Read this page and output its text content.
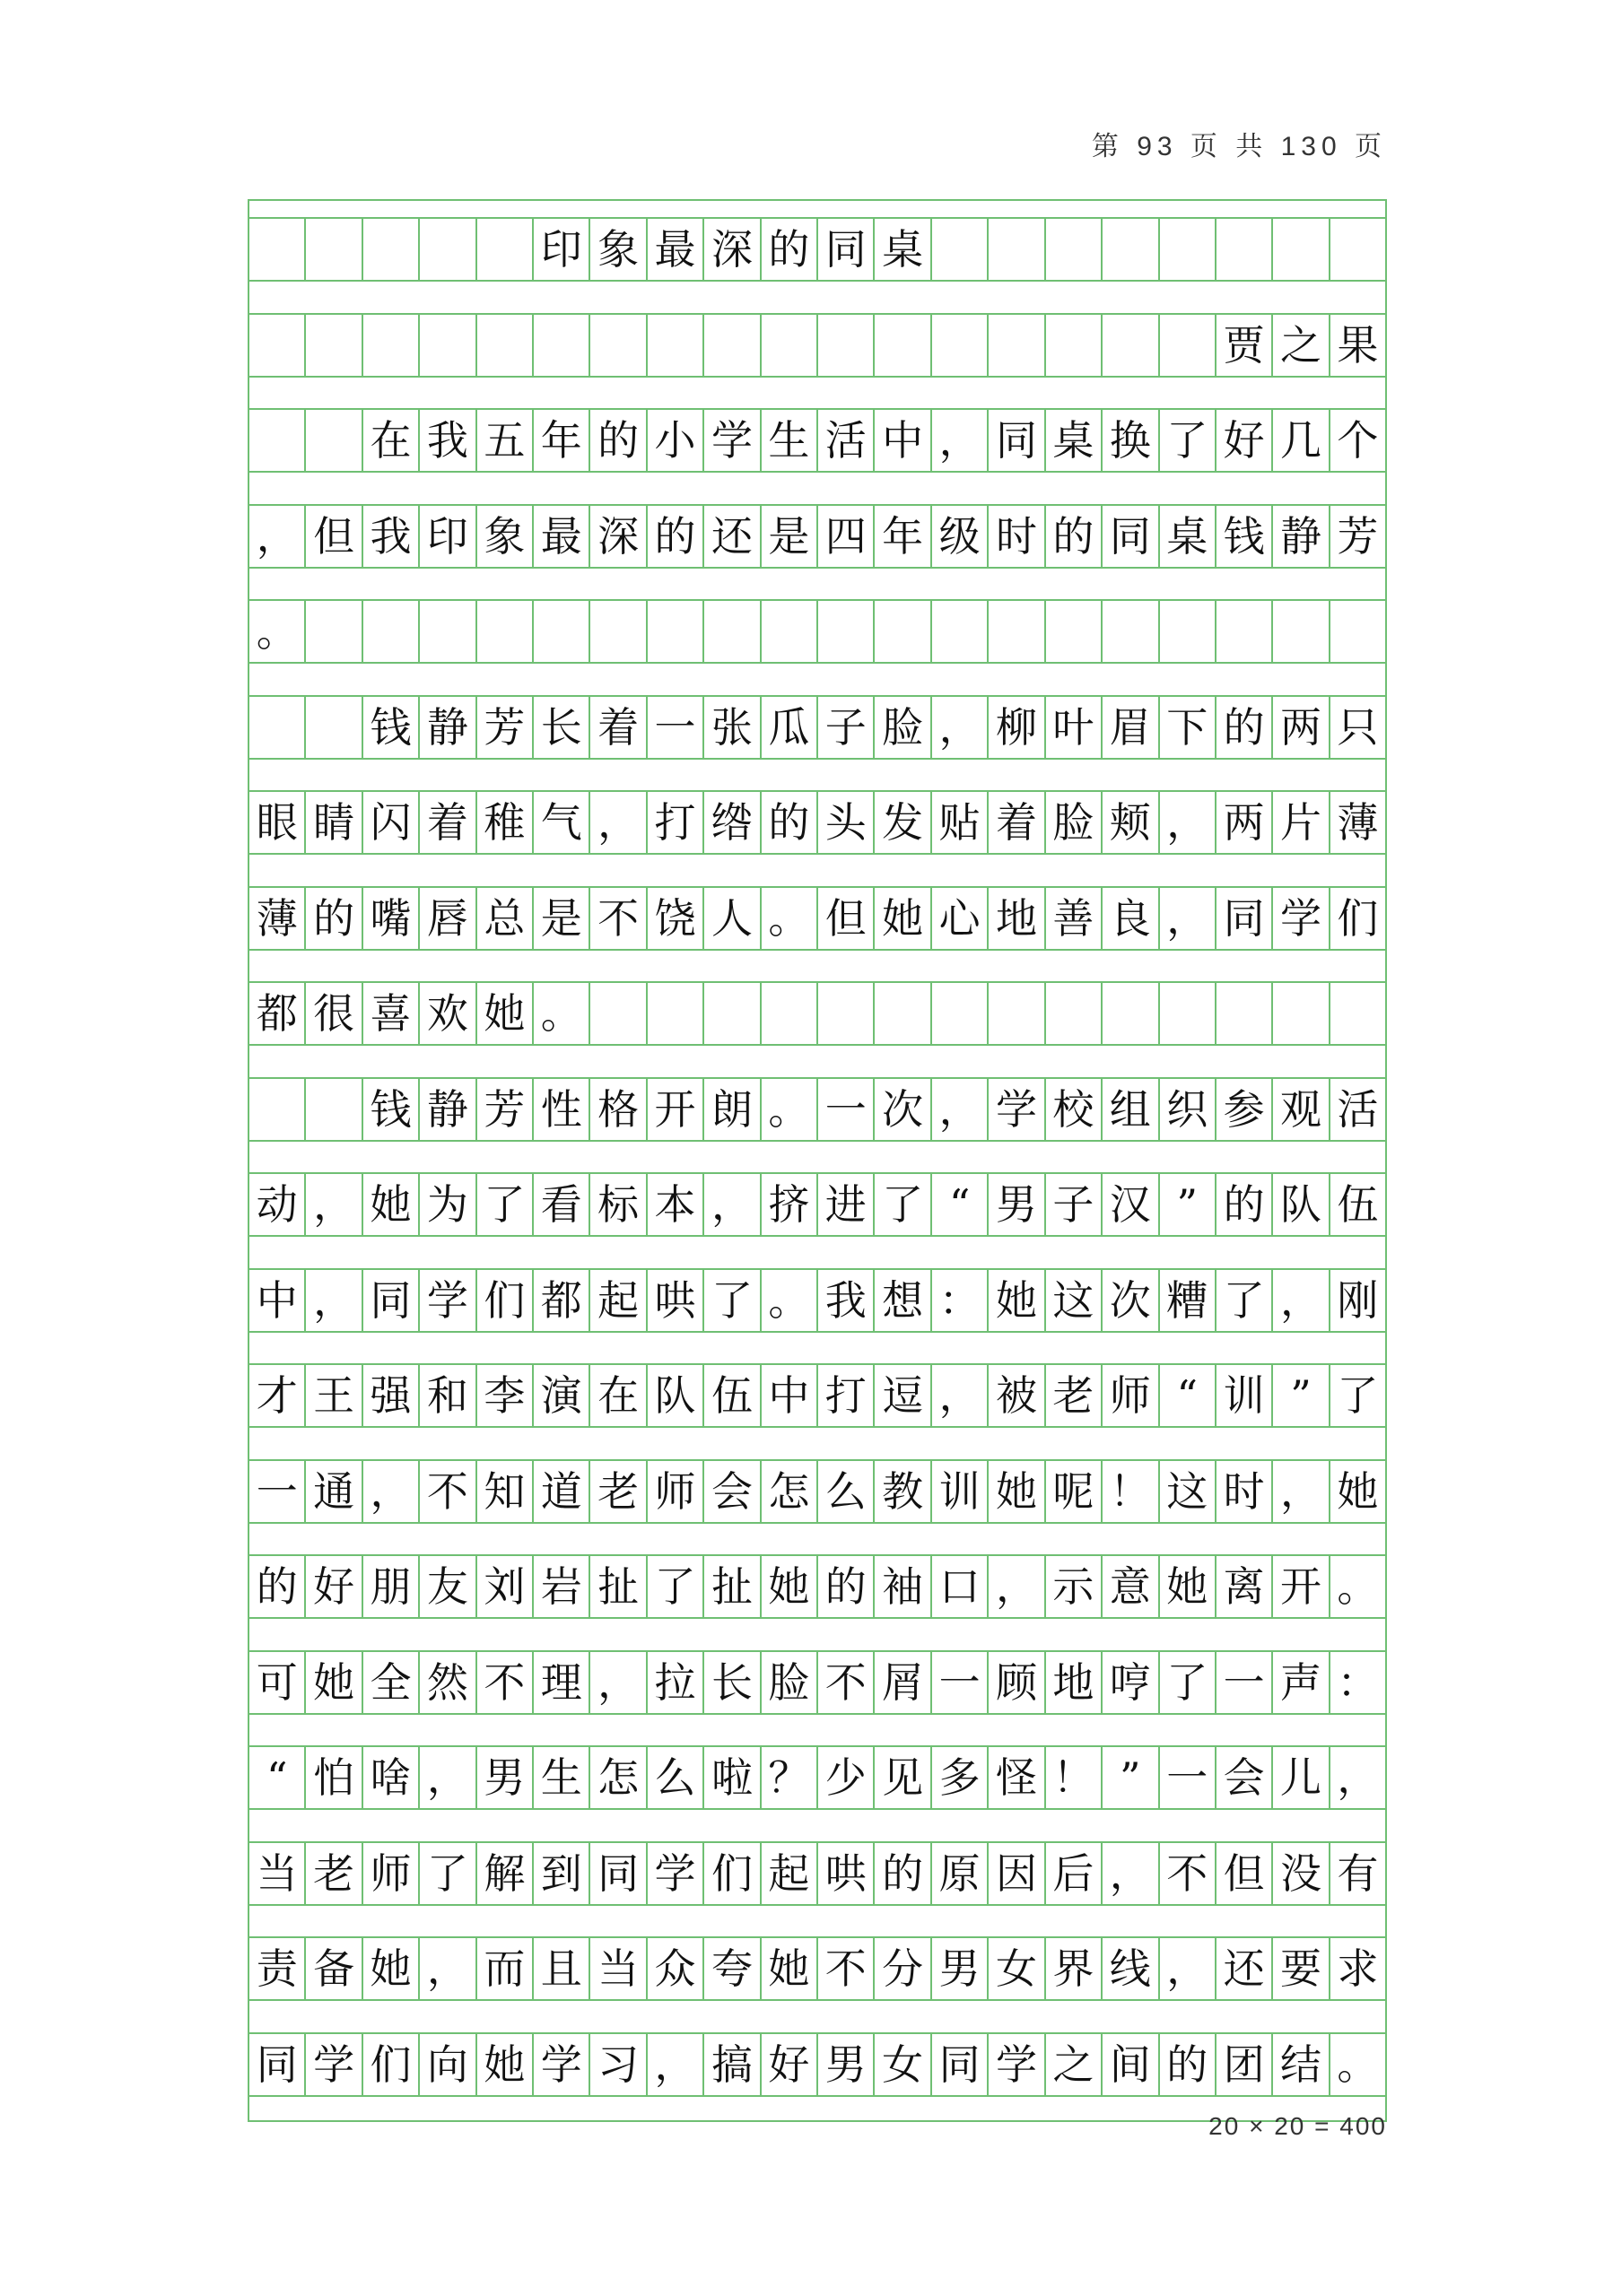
第 93 页 共 130 页
印 象 最 深 的 同 桌
贾 之 果
在 我 五 年 的 小 学 生 活 中 ， 同 桌 换 了 好 几 个
， 但 我 印 象 最 深 的 还 是 四 年 级 时 的 同 桌 钱 静 芳
。
钱 静 芳 长 着 一 张 瓜 子 脸 ， 柳 叶 眉 下 的 两 只
眼 睛 闪 着 稚 气 ， 打 绺 的 头 发 贴 着 脸 颊 ， 两 片 薄
薄 的 嘴 唇 总 是 不 饶 人 。 但 她 心 地 善 良 ， 同 学 们
都 很 喜 欢 她 。
钱 静 芳 性 格 开 朗 。 一 次 ， 学 校 组 织 参 观 活
动 ， 她 为 了 看 标 本 ， 挤 进 了 “ 男 子 汉 ” 的 队 伍
中 ， 同 学 们 都 起 哄 了 。 我 想 ： 她 这 次 糟 了 ， 刚
才 王 强 和 李 演 在 队 伍 中 打 逗 ， 被 老 师 “ 训 ” 了
一 通 ， 不 知 道 老 师 会 怎 么 教 训 她 呢 ！ 这 时 ， 她
的 好 朋 友 刘 岩 扯 了 扯 她 的 袖 口 ， 示 意 她 离 开 。
可 她 全 然 不 理 ， 拉 长 脸 不 屑 一 顾 地 哼 了 一 声 ：
“ 怕 啥 ， 男 生 怎 么 啦 ？ 少 见 多 怪 ！ ” 一 会 儿 ，
当 老 师 了 解 到 同 学 们 起 哄 的 原 因 后 ， 不 但 没 有
责 备 她 ， 而 且 当 众 夸 她 不 分 男 女 界 线 ， 还 要 求
同 学 们 向 她 学 习 ， 搞 好 男 女 同 学 之 间 的 团 结 。
20 × 20 = 400
